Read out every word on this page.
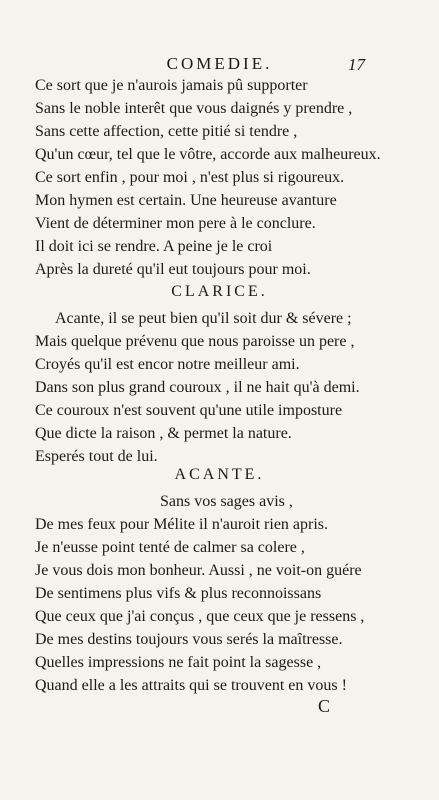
COMEDIE.	17
Ce sort que je n'aurois jamais pû supporter
Sans le noble interêt que vous daignés y prendre ,
Sans cette affection, cette pitié si tendre ,
Qu'un cœur, tel que le vôtre, accorde aux malheureux.
Ce sort enfin , pour moi , n'est plus si rigoureux.
Mon hymen est certain. Une heureuse avanture
Vient de déterminer mon pere à le conclure.
Il doit ici se rendre. A peine je le croi
Après la dureté qu'il eut toujours pour moi.
CLARICE.
Acante, il se peut bien qu'il soit dur & sévere ;
Mais quelque prévenu que nous paroisse un pere ,
Croyés qu'il est encor notre meilleur ami.
Dans son plus grand couroux , il ne hait qu'à demi.
Ce couroux n'est souvent qu'une utile imposture
Que dicte la raison , & permet la nature.
Esperés tout de lui.
ACANTE.
Sans vos sages avis ,
De mes feux pour Mélite il n'auroit rien apris.
Je n'eusse point tenté de calmer sa colere ,
Je vous dois mon bonheur. Aussi , ne voit-on guére
De sentimens plus vifs & plus reconnoissans
Que ceux que j'ai conçus , que ceux que je ressens ,
De mes destins toujours vous serés la maîtresse.
Quelles impressions ne fait point la sagesse ,
Quand elle a les attraits qui se trouvent en vous !
C
